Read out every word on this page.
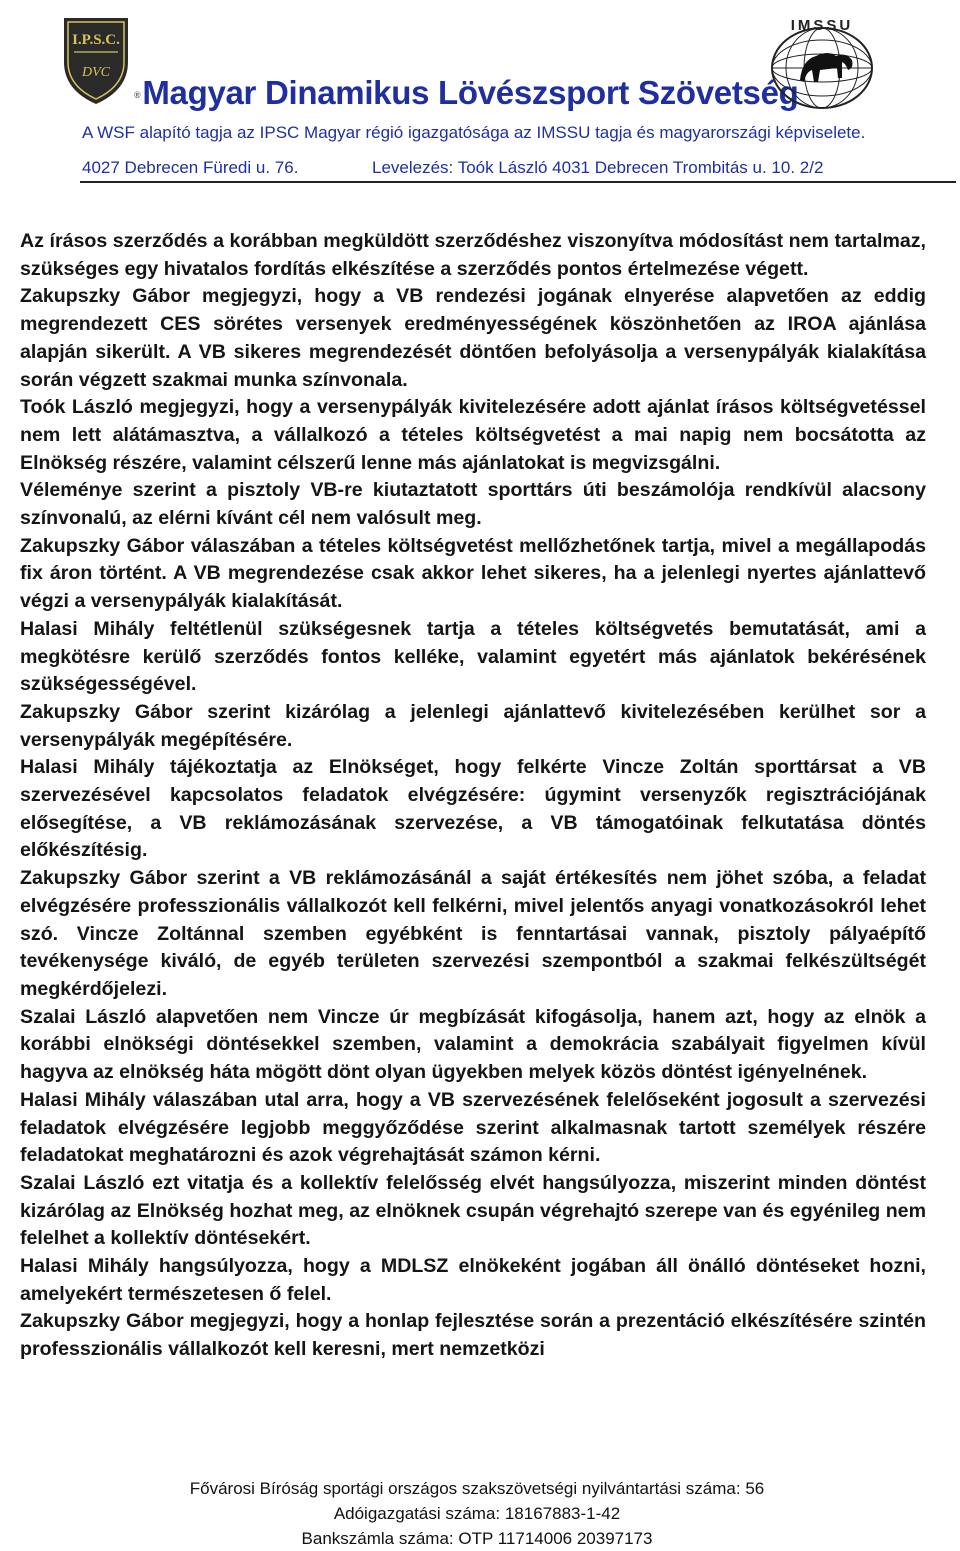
I.P.S.C.
DVC
®Magyar Dinamikus Lövészsport Szövetség
IMSSU
A WSF alapító tagja az IPSC Magyar régió igazgatósága az IMSSU tagja és magyarországi képviselete.
4027 Debrecen Füredi u. 76.	Levelezés: Toók László 4031 Debrecen Trombitás u. 10. 2/2

Az írásos szerződés a korábban megküldött szerződéshez viszonyítva módosítást nem tartalmaz, szükséges egy hivatalos fordítás elkészítése a szerződés pontos értelmezése végett.

Zakupszky Gábor megjegyzi, hogy a VB rendezési jogának elnyerése alapvetően az eddig megrendezett CES sörétes versenyek eredményességének köszönhetően az IROA ajánlása alapján sikerült. A VB sikeres megrendezését döntően befolyásolja a versenypályák kialakítása során végzett szakmai munka színvonala.

Toók László megjegyzi, hogy a versenypályák kivitelezésére adott ajánlat írásos költségvetéssel nem lett alátámasztva, a vállalkozó a tételes költségvetést a mai napig nem bocsátotta az Elnökség részére, valamint célszerű lenne más ajánlatokat is megvizsgálni.

Véleménye szerint a pisztoly VB-re kiutaztatott sporttárs úti beszámolója rendkívül alacsony színvonalú, az elérni kívánt cél nem valósult meg.

Zakupszky Gábor válaszában a tételes költségvetést mellőzhetőnek tartja, mivel a megállapodás fix áron történt. A VB megrendezése csak akkor lehet sikeres, ha a jelenlegi nyertes ajánlattevő végzi a versenypályák kialakítását.

Halasi Mihály feltétlenül szükségesnek tartja a tételes költségvetés bemutatását, ami a megkötésre kerülő szerződés fontos kelléke, valamint egyetért más ajánlatok bekérésének szükségességével.

Zakupszky Gábor szerint kizárólag a jelenlegi ajánlattevő kivitelezésében kerülhet sor a versenypályák megépítésére.

Halasi Mihály tájékoztatja az Elnökséget, hogy felkérte Vincze Zoltán sporttársat a VB szervezésével kapcsolatos feladatok elvégzésére: úgymint versenyzők regisztrációjának elősegítése, a VB reklámozásának szervezése, a VB támogatóinak felkutatása döntés előkészítésig.

Zakupszky Gábor szerint a VB reklámozásánál a saját értékesítés nem jöhet szóba, a feladat elvégzésére professzionális vállalkozót kell felkérni, mivel jelentős anyagi vonatkozásokról lehet szó. Vincze Zoltánnal szemben egyébként is fenntartásai vannak, pisztoly pályaépítő tevékenysége kiváló, de egyéb területen szervezési szempontból a szakmai felkészültségét megkérdőjelezi.

Szalai László alapvetően nem Vincze úr megbízását kifogásolja, hanem azt, hogy az elnök a korábbi elnökségi döntésekkel szemben, valamint a demokrácia szabályait figyelmen kívül hagyva az elnökség háta mögött dönt olyan ügyekben melyek közös döntést igényelnének.

Halasi Mihály válaszában utal arra, hogy a VB szervezésének felelőseként jogosult a szervezési feladatok elvégzésére legjobb meggyőződése szerint alkalmasnak tartott személyek részére feladatokat meghatározni és azok végrehajtását számon kérni.

Szalai László ezt vitatja és a kollektív felelősség elvét hangsúlyozza, miszerint minden döntést kizárólag az Elnökség hozhat meg, az elnöknek csupán végrehajtó szerepe van és egyénileg nem felelhet a kollektív döntésekért.

Halasi Mihály hangsúlyozza, hogy a MDLSZ elnökeként jogában áll önálló döntéseket hozni, amelyekért természetesen ő felel.

Zakupszky Gábor megjegyzi, hogy a honlap fejlesztése során a prezentáció elkészítésére szintén professzionális vállalkozót kell keresni, mert nemzetközi

Fővárosi Bíróság sportági országos szakszövetségi nyilvántartási száma: 56
Adóigazgatási száma: 18167883-1-42
Bankszámla száma: OTP 11714006 20397173
